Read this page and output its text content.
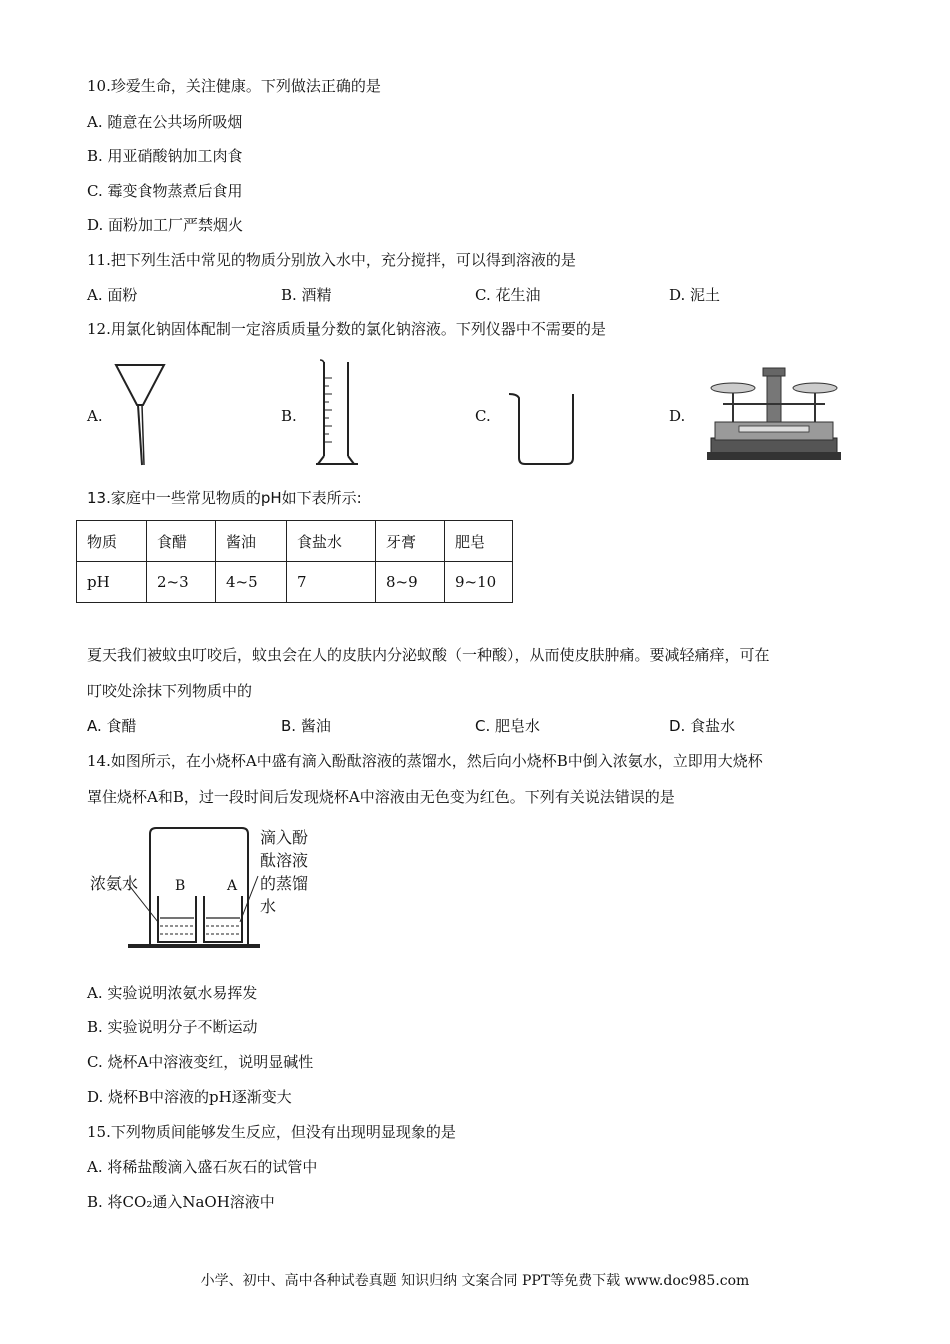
10.珍爱生命，关注健康。下列做法正确的是
A. 随意在公共场所吸烟
B. 用亚硝酸钠加工肉食
C. 霉变食物蒸煮后食用
D. 面粉加工厂严禁烟火
11.把下列生活中常见的物质分别放入水中，充分搅拌，可以得到溶液的是
A. 面粉	B. 酒精	C. 花生油	D. 泥土
12.用氯化钠固体配制一定溶质质量分数的氯化钠溶液。下列仪器中不需要的是
A.	B.	C.	D.
13.家庭中一些常见物质的pH如下表所示:
物质	食醋	酱油	食盐水	牙膏	肥皂
pH	2~3	4~5	7	8~9	9~10
夏天我们被蚊虫叮咬后，蚊虫会在人的皮肤内分泌蚁酸（一种酸），从而使皮肤肿痛。要减轻痛痒，可在
叮咬处涂抹下列物质中的
A. 食醋	B. 酱油	C. 肥皂水	D. 食盐水
14.如图所示，在小烧杯A中盛有滴入酚酞溶液的蒸馏水，然后向小烧杯B中倒入浓氨水，立即用大烧杯
罩住烧杯A和B，过一段时间后发现烧杯A中溶液由无色变为红色。下列有关说法错误的是
浓氨水	B	A
滴入酚
酞溶液
的蒸馏
水
A. 实验说明浓氨水易挥发
B. 实验说明分子不断运动
C. 烧杯A中溶液变红，说明显碱性
D. 烧杯B中溶液的pH逐渐变大
15.下列物质间能够发生反应，但没有出现明显现象的是
A. 将稀盐酸滴入盛石灰石的试管中
B. 将CO₂通入NaOH溶液中
小学、初中、高中各种试卷真题 知识归纳 文案合同 PPT等免费下载 www.doc985.com
